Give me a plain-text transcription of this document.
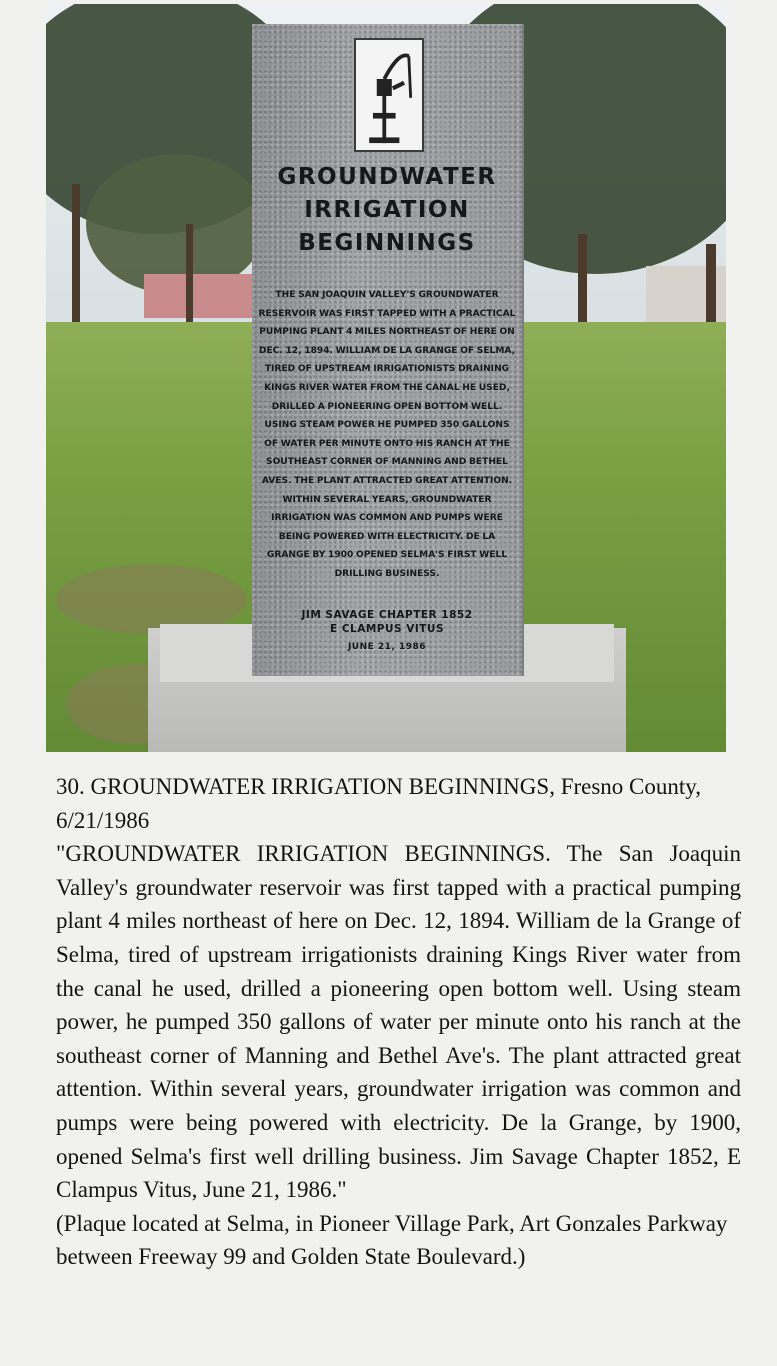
GROUNDWATER
IRRIGATION
BEGINNINGS

THE SAN JOAQUIN VALLEY'S GROUNDWATER RESERVOIR WAS FIRST TAPPED WITH A PRACTICAL PUMPING PLANT 4 MILES NORTHEAST OF HERE ON DEC. 12, 1894. WILLIAM DE LA GRANGE OF SELMA, TIRED OF UPSTREAM IRRIGATIONISTS DRAINING KINGS RIVER WATER FROM THE CANAL HE USED, DRILLED A PIONEERING OPEN BOTTOM WELL. USING STEAM POWER HE PUMPED 350 GALLONS OF WATER PER MINUTE ONTO HIS RANCH AT THE SOUTHEAST CORNER OF MANNING AND BETHEL AVES. THE PLANT ATTRACTED GREAT ATTENTION. WITHIN SEVERAL YEARS, GROUNDWATER IRRIGATION WAS COMMON AND PUMPS WERE BEING POWERED WITH ELECTRICITY. DE LA GRANGE BY 1900 OPENED SELMA'S FIRST WELL DRILLING BUSINESS.

JIM SAVAGE CHAPTER 1852
E CLAMPUS VITUS
JUNE 21, 1986

30. GROUNDWATER IRRIGATION BEGINNINGS, Fresno County, 6/21/1986

"GROUNDWATER IRRIGATION BEGINNINGS. The San Joaquin Valley's groundwater reservoir was first tapped with a practical pumping plant 4 miles northeast of here on Dec. 12, 1894. William de la Grange of Selma, tired of upstream irrigationists draining Kings River water from the canal he used, drilled a pioneering open bottom well. Using steam power, he pumped 350 gallons of water per minute onto his ranch at the southeast corner of Manning and Bethel Ave's. The plant attracted great attention. Within several years, groundwater irrigation was common and pumps were being powered with electricity. De la Grange, by 1900, opened Selma's first well drilling business. Jim Savage Chapter 1852, E Clampus Vitus, June 21, 1986."

(Plaque located at Selma, in Pioneer Village Park, Art Gonzales Parkway between Freeway 99 and Golden State Boulevard.)
